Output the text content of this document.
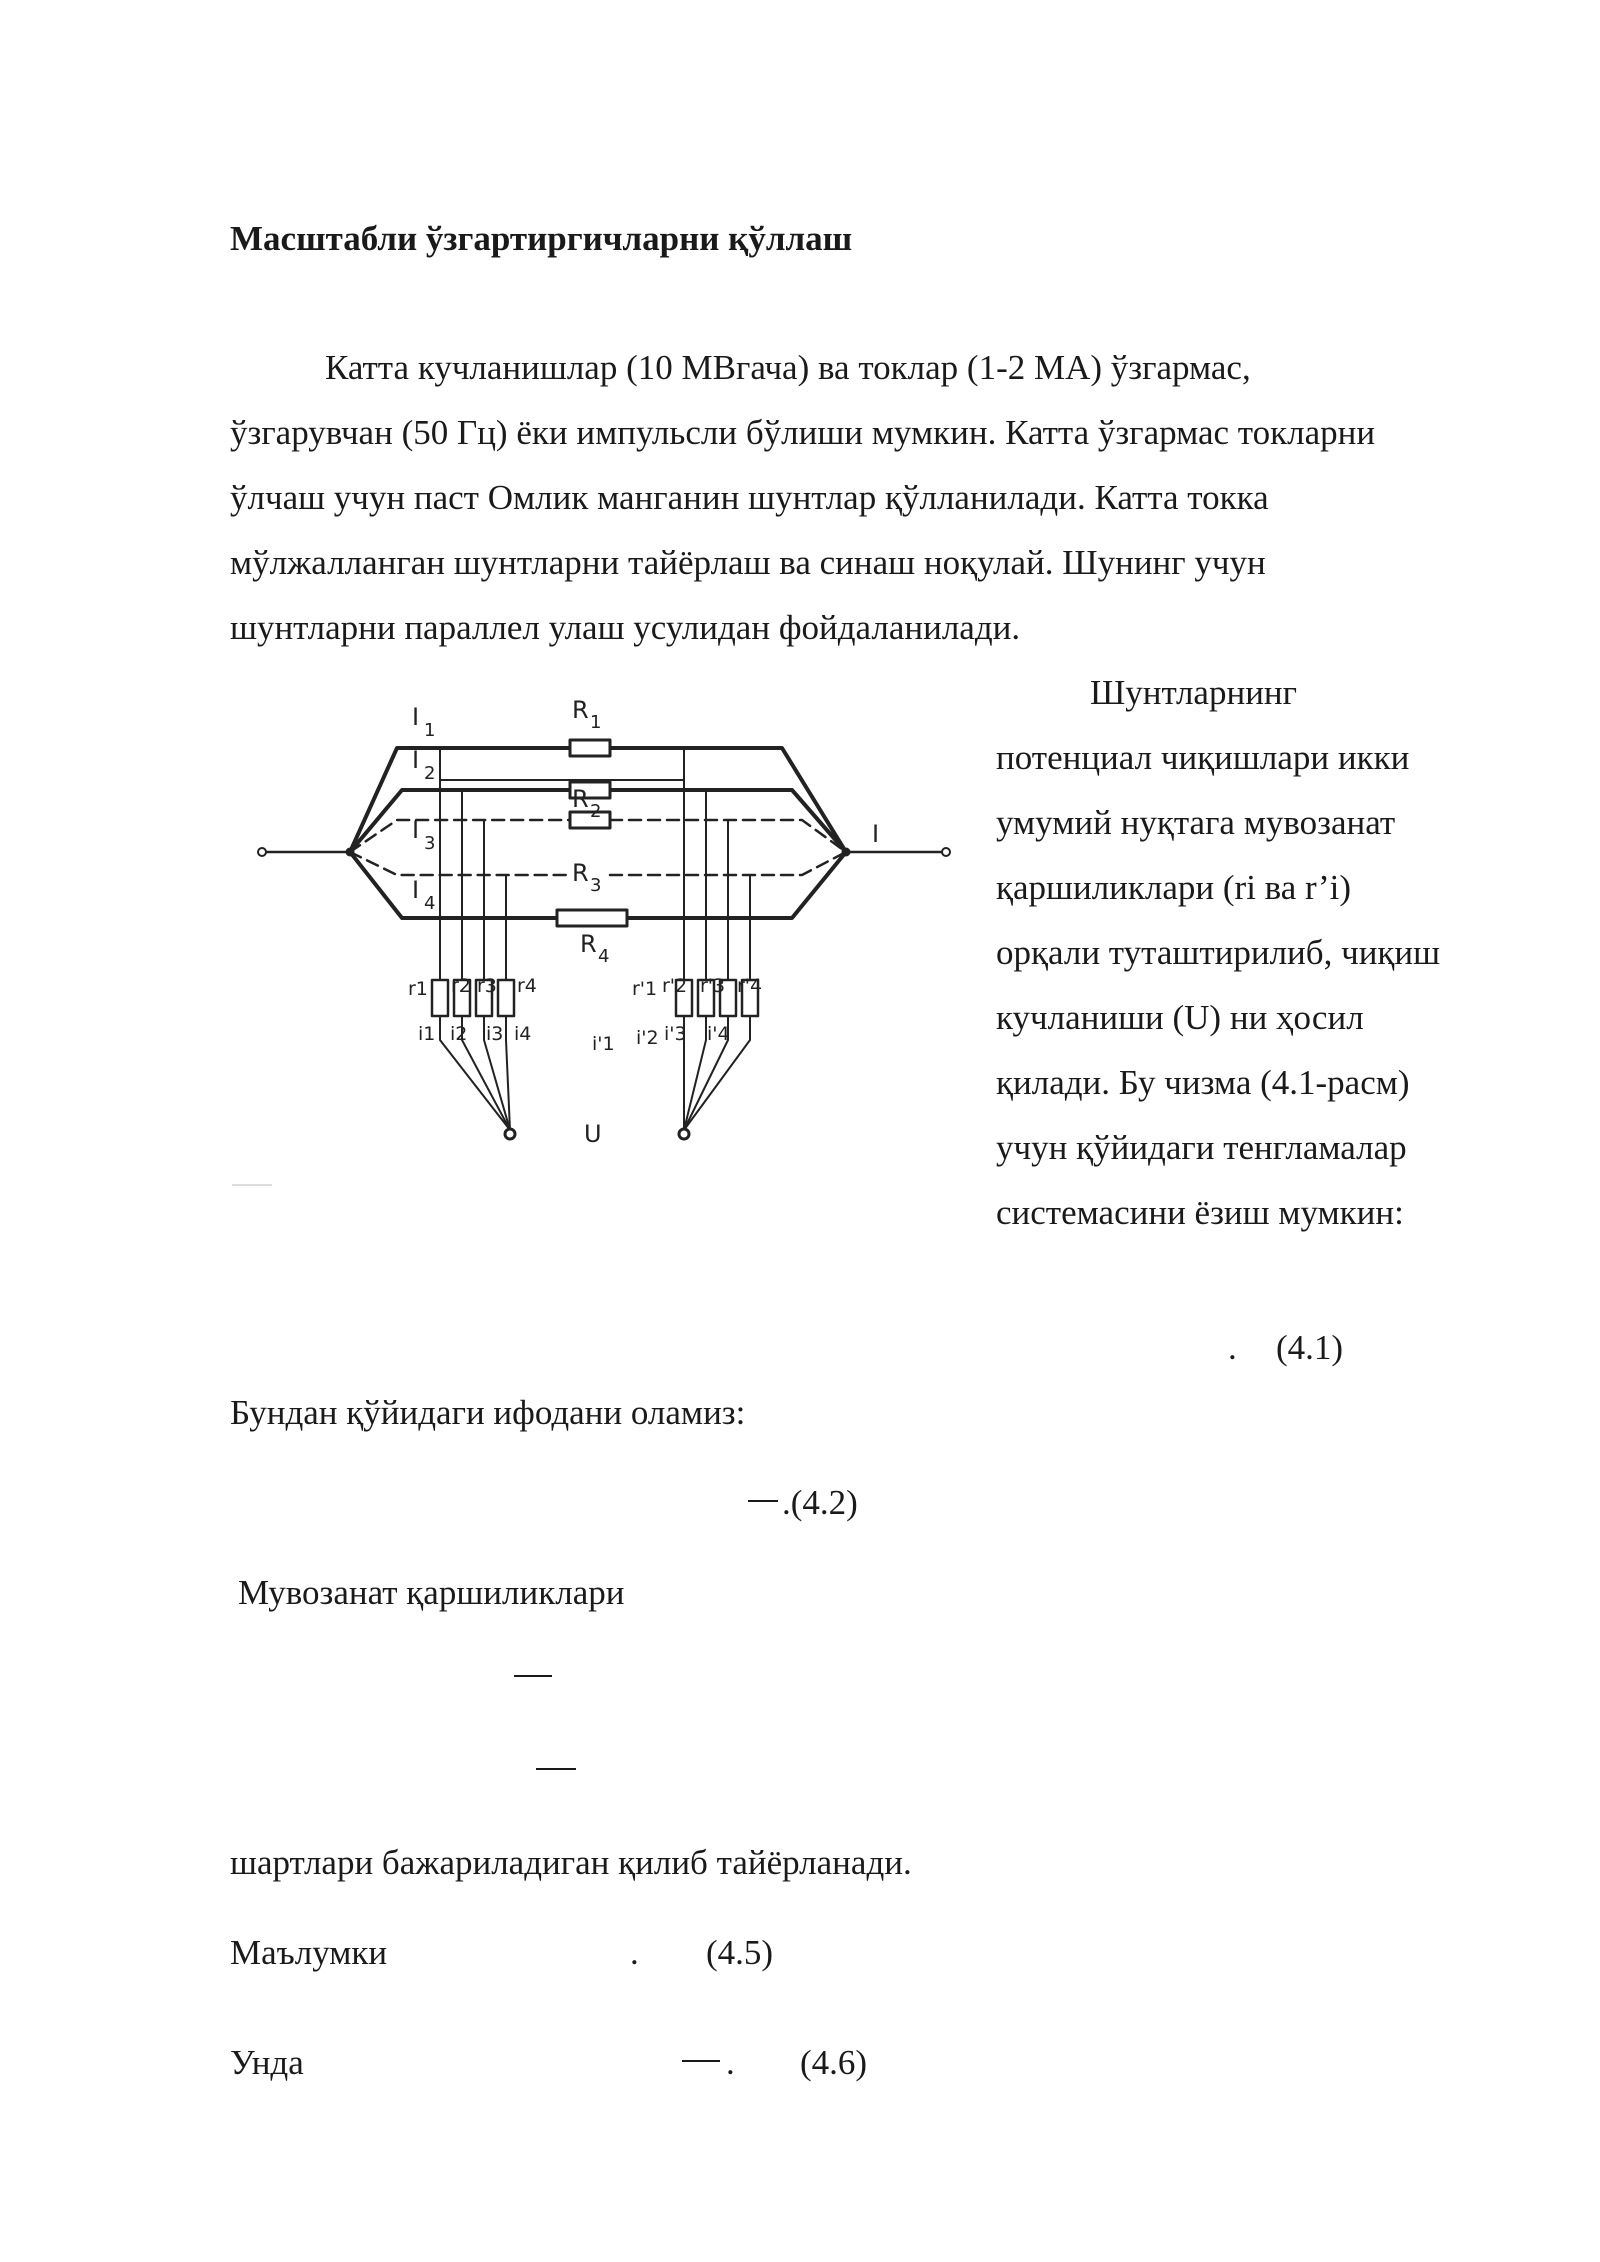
Масштабли ўзгартиргичларни қўллаш
Катта кучланишлар (10 МВгача) ва токлар (1-2 МА) ўзгармас,
ўзгарувчан (50 Гц) ёки импульсли бўлиши мумкин. Катта ўзгармас токларни
ўлчаш учун паст Омлик манганин шунтлар қўлланилади. Катта токка
мўлжалланган шунтларни тайёрлаш ва синаш ноқулай. Шунинг учун
шунтларни параллел улаш усулидан фойдаланилади.
Шунтларнинг
потенциал чиқишлари икки
умумий нуқтага мувозанат
қаршиликлари (ri ва r’i)
орқали туташтирилиб, чиқиш
кучланиши (U) ни ҳосил
қилади. Бу чизма (4.1-расм)
учун қўйидаги тенгламалар
системасини ёзиш мумкин:
I 1
I 2
I 3
I 4
R 1
R 2
R 3
R 4
I
U
r1 r2 r3 r4	r'1 r'2 r'3 r'4
i1 i2 i3 i4	i'1 i'2 i'3 i'4
. (4.1)
Бундан қўйидаги ифодани оламиз:
.(4.2)
Мувозанат қаршиликлари
шартлари бажариладиган қилиб тайёрланади.
Маълумки	. (4.5)
Унда	. (4.6)
